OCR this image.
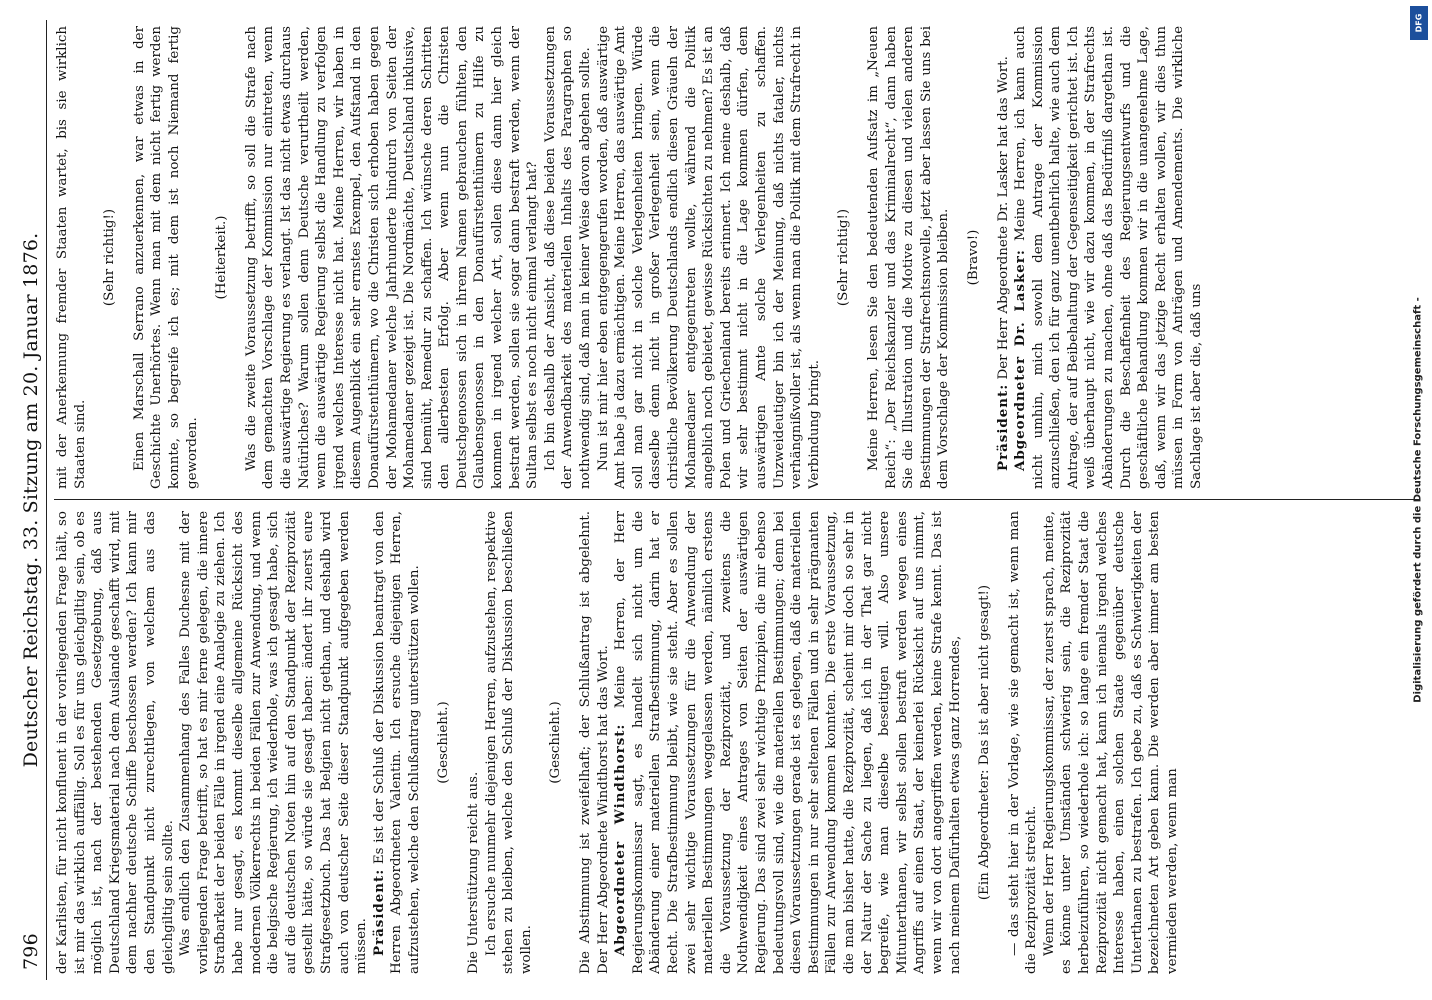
796
Deutscher Reichstag. 33. Sitzung am 20. Januar 1876. der Karlisten, für nicht konfluent in der vorliegenden Frage hält, so ist mir das wirklich auffällig. Soll es für uns gleichgiltig sein, ob es möglich ist, nach der bestehenden Gesetzgebung, daß aus Deutschland Kriegsmaterial nach dem Auslande geschafft wird, mit dem nachher deutsche Schiffe beschossen werden? Ich kann mir den Standpunkt nicht zurechtlegen, von welchem aus das gleichgiltig sein sollte. Was endlich den Zusammenhang des Falles Duchesne mit der vorliegenden Frage betrifft, so hat es mir ferne gelegen, die innere Strafbarkeit der beiden Fälle in irgend eine Analogie zu ziehen. Ich habe nur gesagt, es kommt dieselbe allgemeine Rücksicht des modernen Völkerrechts in beiden Fällen zur Anwendung, und wenn die belgische Regierung, ich wiederhole, was ich gesagt habe, sich auf die deutschen Noten hin auf den Standpunkt der Reziprozität gestellt hätte, so würde sie gesagt haben: ändert ihr zuerst eure Strafgesetzbuch. Das hat Belgien nicht gethan, und deshalb wird auch von deutscher Seite dieser Standpunkt aufgegeben werden müssen. Präsident: Es ist der Schluß der Diskussion beantragt von den Herren Abgeordneten Valentin. Ich ersuche diejenigen Herren, aufzustehen, welche den Schlußantrag unterstützen wollen. (Geschieht.)

Die Unterstützung reicht aus. Ich ersuche nunmehr diejenigen Herren, aufzustehen, respektive stehen zu bleiben, welche den Schluß der Diskussion beschließen wollen.

(Geschieht.) Die Abstimmung ist zweifelhaft; der Schlußantrag ist abgelehnt. Der Herr Abgeordnete Windthorst hat das Wort. Abgeordneter Windthorst: Meine Herren, der Herr Regierungskommissar sagt, es handelt sich nicht um die Abänderung einer materiellen Strafbestimmung, darin hat er Recht. Die Strafbestimmung bleibt, wie sie steht. Aber es sollen zwei sehr wichtige Voraussetzungen für die Anwendung der materiellen Bestimmungen weggelassen werden, nämlich erstens die Voraussetzung der Reziprozität, und zweitens die Nothwendigkeit eines Antrages von Seiten der auswärtigen Regierung. Das sind zwei sehr wichtige Prinzipien, die mir ebenso bedeutungsvoll sind, wie die materiellen Bestimmungen; denn bei diesen Voraussetzungen gerade ist es gelegen, daß die materiellen Bestimmungen in nur sehr seltenen Fällen und in sehr prägnanten Fällen zur Anwendung kommen konnten. Die erste Voraussetzung, die man bisher hatte, die Reziprozität, scheint mir doch so sehr in der Natur der Sache zu liegen, daß ich in der That gar nicht begreife, wie man dieselbe beseitigen will. Also unsere Mitunterthanen, wir selbst sollen bestraft werden wegen eines Angriffs auf einen Staat, der keinerlei Rücksicht auf uns nimmt, wenn wir von dort angegriffen werden, keine Strafe kennt. Das ist nach meinem Dafürhalten etwas ganz Horrendes, (Ein Abgeordneter: Das ist aber nicht gesagt!) — das steht hier in der Vorlage, wie sie gemacht ist, wenn man die Reziprozität streicht. Wenn der Herr Regierungskommissar, der zuerst sprach, meinte, es könne unter Umständen schwierig sein, die Reziprozität herbeizuführen, so wiederhole ich: so lange ein fremder Staat die Reziprozität nicht gemacht hat, kann ich niemals irgend welches Interesse haben, einen solchen Staate gegenüber deutsche Unterthanen zu bestrafen. Ich gebe zu, daß es Schwierigkeiten der bezeichneten Art geben kann. Die werden aber immer am besten vermieden werden, wenn man

mit der Anerkennung fremder Staaten wartet, bis sie wirklich Staaten sind.

(Sehr richtig!) Einen Marschall Serrano anzuerkennen, war etwas in der Geschichte Unerhörtes. Wenn man mit dem nicht fertig werden konnte, so begreife ich es; mit dem ist noch Niemand fertig geworden.

(Heiterkeit.) Was die zweite Voraussetzung betrifft, so soll die Strafe nach dem gemachten Vorschlage der Kommission nur eintreten, wenn die auswärtige Regierung es verlangt. Ist das nicht etwas durchaus Natürliches? Warum sollen denn Deutsche verurtheilt werden, wenn die auswärtige Regierung selbst die Handlung zu verfolgen irgend welches Interesse nicht hat. Meine Herren, wir haben in diesem Augenblick ein sehr ernstes Exempel, den Aufstand in den Donaufürstenthümern, wo die Christen sich erhoben haben gegen der Mohamedaner welche Jahrhunderte hindurch von Seiten der Mohamedaner gezeigt ist. Die Nordmächte, Deutschland inklusive, sind bemüht, Remedur zu schaffen. Ich wünsche deren Schritten den allerbesten Erfolg. Aber wenn nun die Christen Deutschgenossen sich in ihrem Namen gebrauchen fühlten, den Glaubensgenossen in den Donaufürstenthümern zu Hilfe zu kommen in irgend welcher Art, sollen diese dann hier gleich bestraft werden, sollen sie sogar dann bestraft werden, wenn der Sultan selbst es noch nicht einmal verlangt hat? Ich bin deshalb der Ansicht, daß diese beiden Voraussetzungen der Anwendbarkeit des materiellen Inhalts des Paragraphen so nothwendig sind, daß man in keiner Weise davon abgehen sollte. Nun ist mir hier eben entgegengerufen worden, daß auswärtige Amt habe ja dazu ermächtigen. Meine Herren, das auswärtige Amt soll man gar nicht in solche Verlegenheiten bringen. Würde dasselbe denn nicht in großer Verlegenheit sein, wenn die christliche Bevölkerung Deutschlands endlich diesen Gräueln der Mohamedaner entgegentreten wollte, während die Politik angeblich noch gebietet, gewisse Rücksichten zu nehmen? Es ist an Polen und Griechenland bereits erinnert. Ich meine deshalb, daß wir sehr bestimmt nicht in die Lage kommen dürfen, dem auswärtigen Amte solche Verlegenheiten zu schaffen. Unzweideutiger bin ich der Meinung, daß nichts fataler, nichts verhängnißvoller ist, als wenn man die Politik mit dem Strafrecht in Verbindung bringt.

(Sehr richtig!) Meine Herren, lesen Sie den bedeutenden Aufsatz im „Neuen Reich“: „Der Reichskanzler und das Kriminalrecht“, dann haben Sie die Illustration und die Motive zu diesen und vielen anderen Bestimmungen der Strafrechtsnovelle, jetzt aber lassen Sie uns bei dem Vorschlage der Kommission bleiben. (Bravo!)

Präsident: Der Herr Abgeordnete Dr. Lasker hat das Wort. Abgeordneter Dr. Lasker: Meine Herren, ich kann auch nicht umhin, mich sowohl dem Antrage der Kommission anzuschließen, den ich für ganz unentbehrlich halte, wie auch dem Antrage, der auf Beibehaltung der Gegenseitigkeit gerichtet ist. Ich weiß überhaupt nicht, wie wir dazu kommen, in der Strafrechts Abänderungen zu machen, ohne daß das Bedürfniß dargethan ist. Durch die Beschaffenheit des Regierungsentwurfs und die geschäftliche Behandlung kommen wir in die unangenehme Lage, daß, wenn wir das jetzige Recht erhalten wollen, wir dies thun müssen in Form von Anträgen und Amendements. Die wirkliche Sachlage ist aber die, daß uns	Digitalisierung gefördert durch die Deutsche Forschungsgemeinschaft -
DFG
